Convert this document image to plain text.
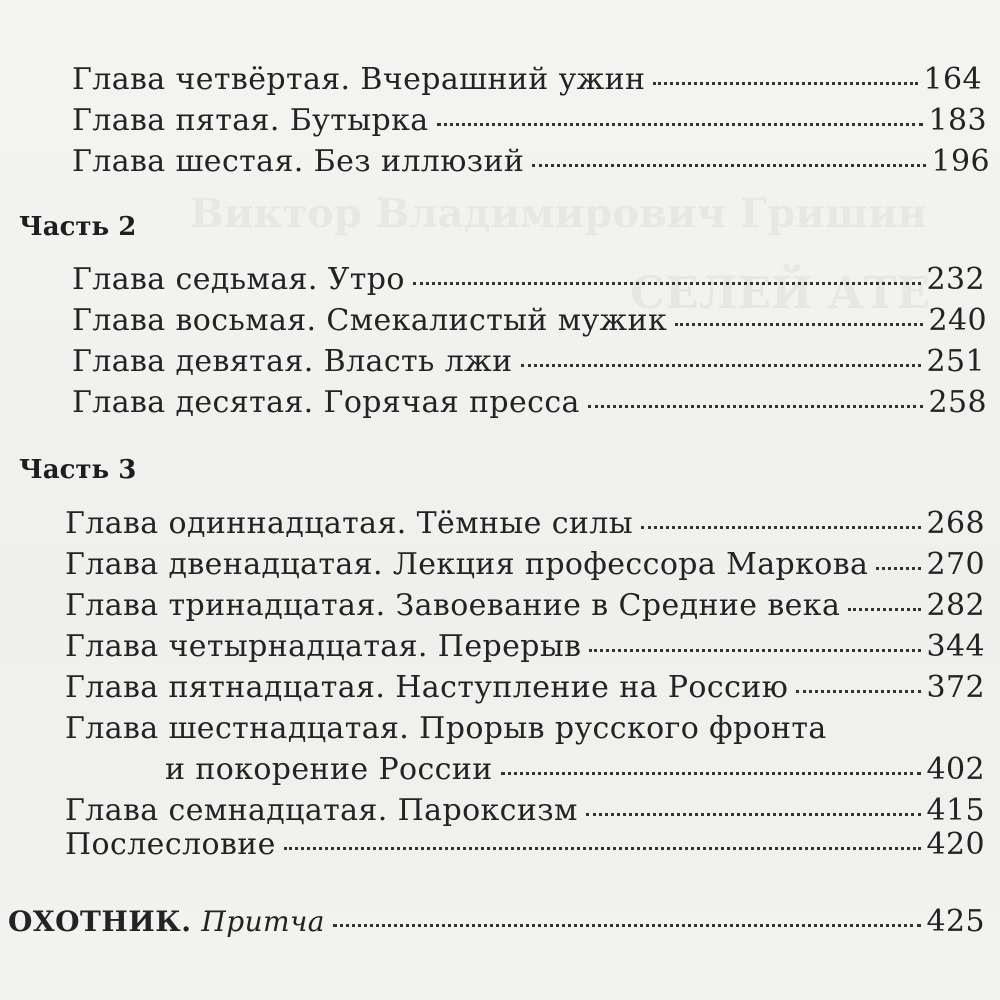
Виктор Владимирович Гришин
СЕЛЕЙ АТЕ
Глава четвёртая. Вчерашний ужин	164
Глава пятая. Бутырка	183
Глава шестая. Без иллюзий	196
Часть 2
Глава седьмая. Утро	232
Глава восьмая. Смекалистый мужик	240
Глава девятая. Власть лжи	251
Глава десятая. Горячая пресса	258
Часть 3
Глава одиннадцатая. Тёмные силы	268
Глава двенадцатая. Лекция профессора Маркова 270
Глава тринадцатая. Завоевание в Средние века	282
Глава четырнадцатая. Перерыв	344
Глава пятнадцатая. Наступление на Россию	372
Глава шестнадцатая. Прорыв русского фронта
и покорение России	402
Глава семнадцатая. Пароксизм	415
Послесловие	420
ОХОТНИК. Притча	425
